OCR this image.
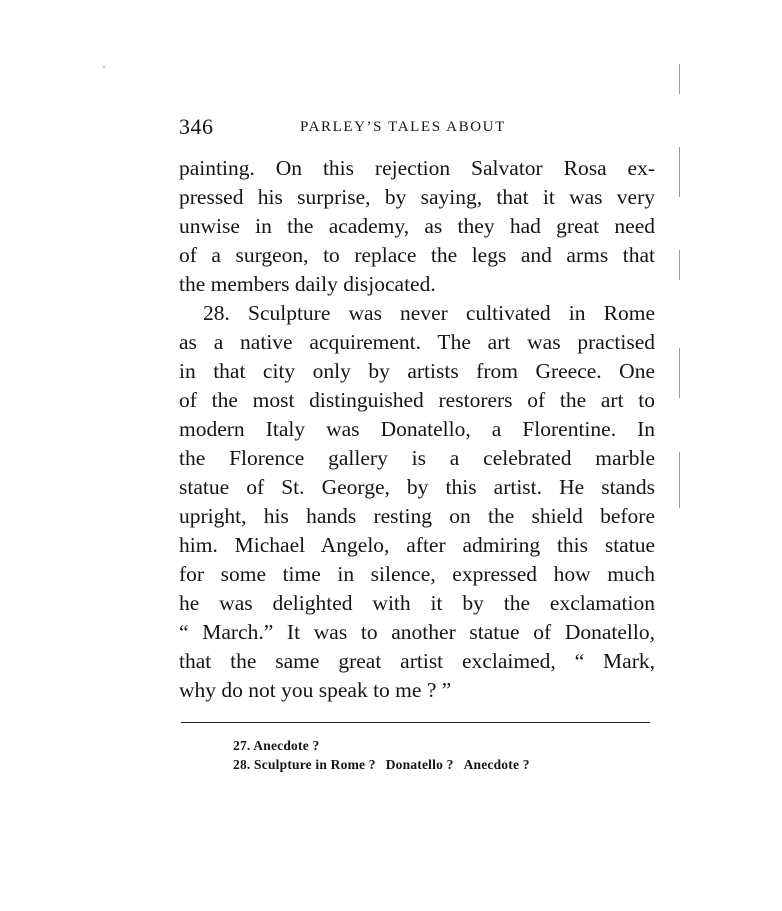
346	PARLEY’S TALES ABOUT
painting. On this rejection Salvator Rosa ex-
pressed his surprise, by saying, that it was very
unwise in the academy, as they had great need
of a surgeon, to replace the legs and arms that
the members daily disjocated.
28. Sculpture was never cultivated in Rome
as a native acquirement. The art was practised
in that city only by artists from Greece. One
of the most distinguished restorers of the art to
modern Italy was Donatello, a Florentine. In
the Florence gallery is a celebrated marble
statue of St. George, by this artist. He stands
upright, his hands resting on the shield before
him. Michael Angelo, after admiring this statue
for some time in silence, expressed how much
he was delighted with it by the exclamation
“ March.” It was to another statue of Donatello,
that the same great artist exclaimed, “ Mark,
why do not you speak to me ? ”
27. Anecdote ?
28. Sculpture in Rome ? Donatello ? Anecdote ?
